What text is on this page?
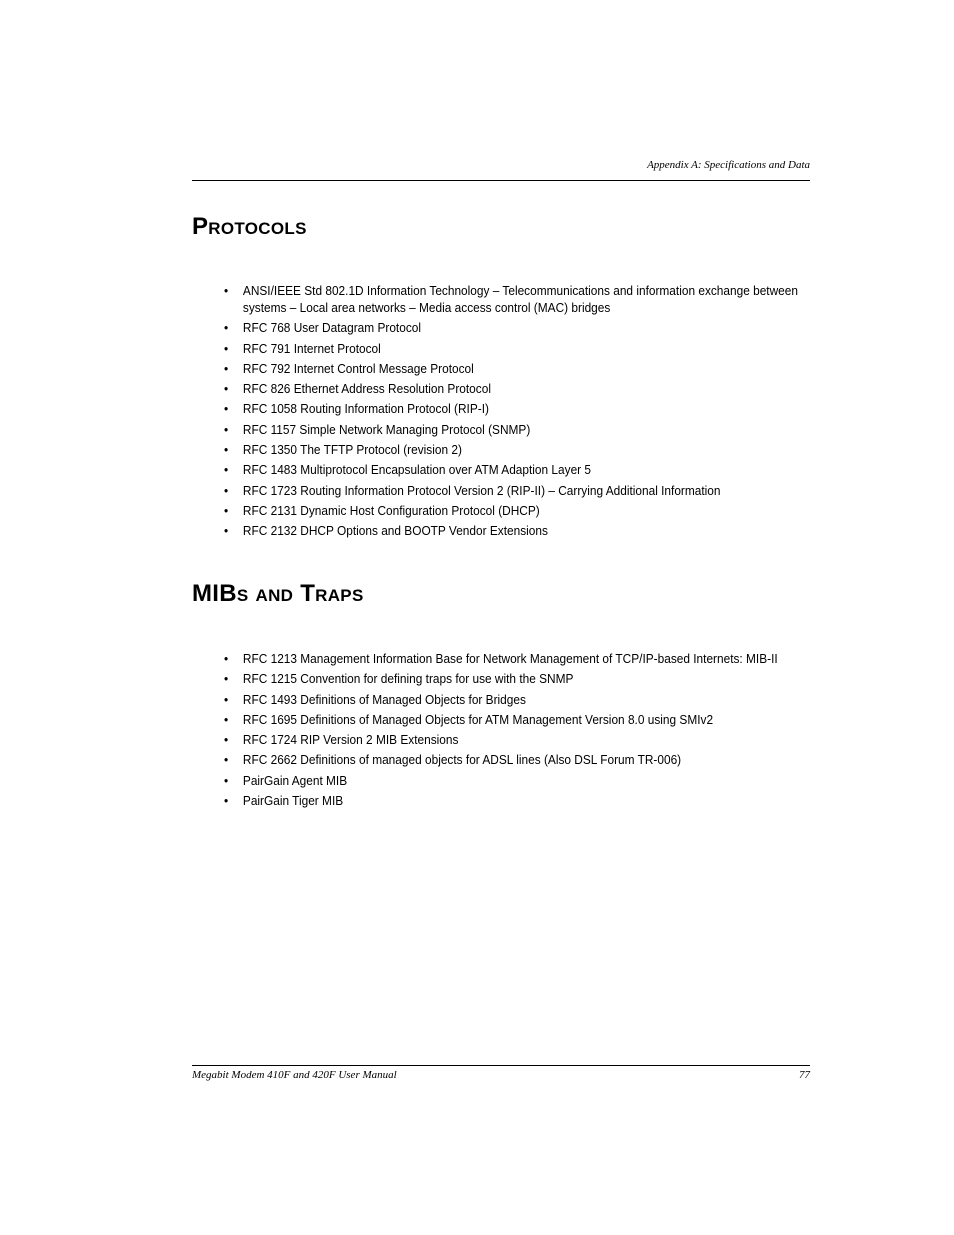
Appendix A: Specifications and Data
Protocols
• ANSI/IEEE Std 802.1D Information Technology – Telecommunications and information exchange between systems – Local area networks – Media access control (MAC) bridges
• RFC 768 User Datagram Protocol
• RFC 791 Internet Protocol
• RFC 792 Internet Control Message Protocol
• RFC 826 Ethernet Address Resolution Protocol
• RFC 1058 Routing Information Protocol (RIP-I)
• RFC 1157 Simple Network Managing Protocol (SNMP)
• RFC 1350 The TFTP Protocol (revision 2)
• RFC 1483 Multiprotocol Encapsulation over ATM Adaption Layer 5
• RFC 1723 Routing Information Protocol Version 2 (RIP-II) – Carrying Additional Information
• RFC 2131 Dynamic Host Configuration Protocol (DHCP)
• RFC 2132 DHCP Options and BOOTP Vendor Extensions
MIBs and Traps
• RFC 1213 Management Information Base for Network Management of TCP/IP-based Internets: MIB-II
• RFC 1215 Convention for defining traps for use with the SNMP
• RFC 1493 Definitions of Managed Objects for Bridges
• RFC 1695 Definitions of Managed Objects for ATM Management Version 8.0 using SMIv2
• RFC 1724 RIP Version 2 MIB Extensions
• RFC 2662 Definitions of managed objects for ADSL lines (Also DSL Forum TR-006)
• PairGain Agent MIB
• PairGain Tiger MIB
Megabit Modem 410F and 420F User Manual	77
